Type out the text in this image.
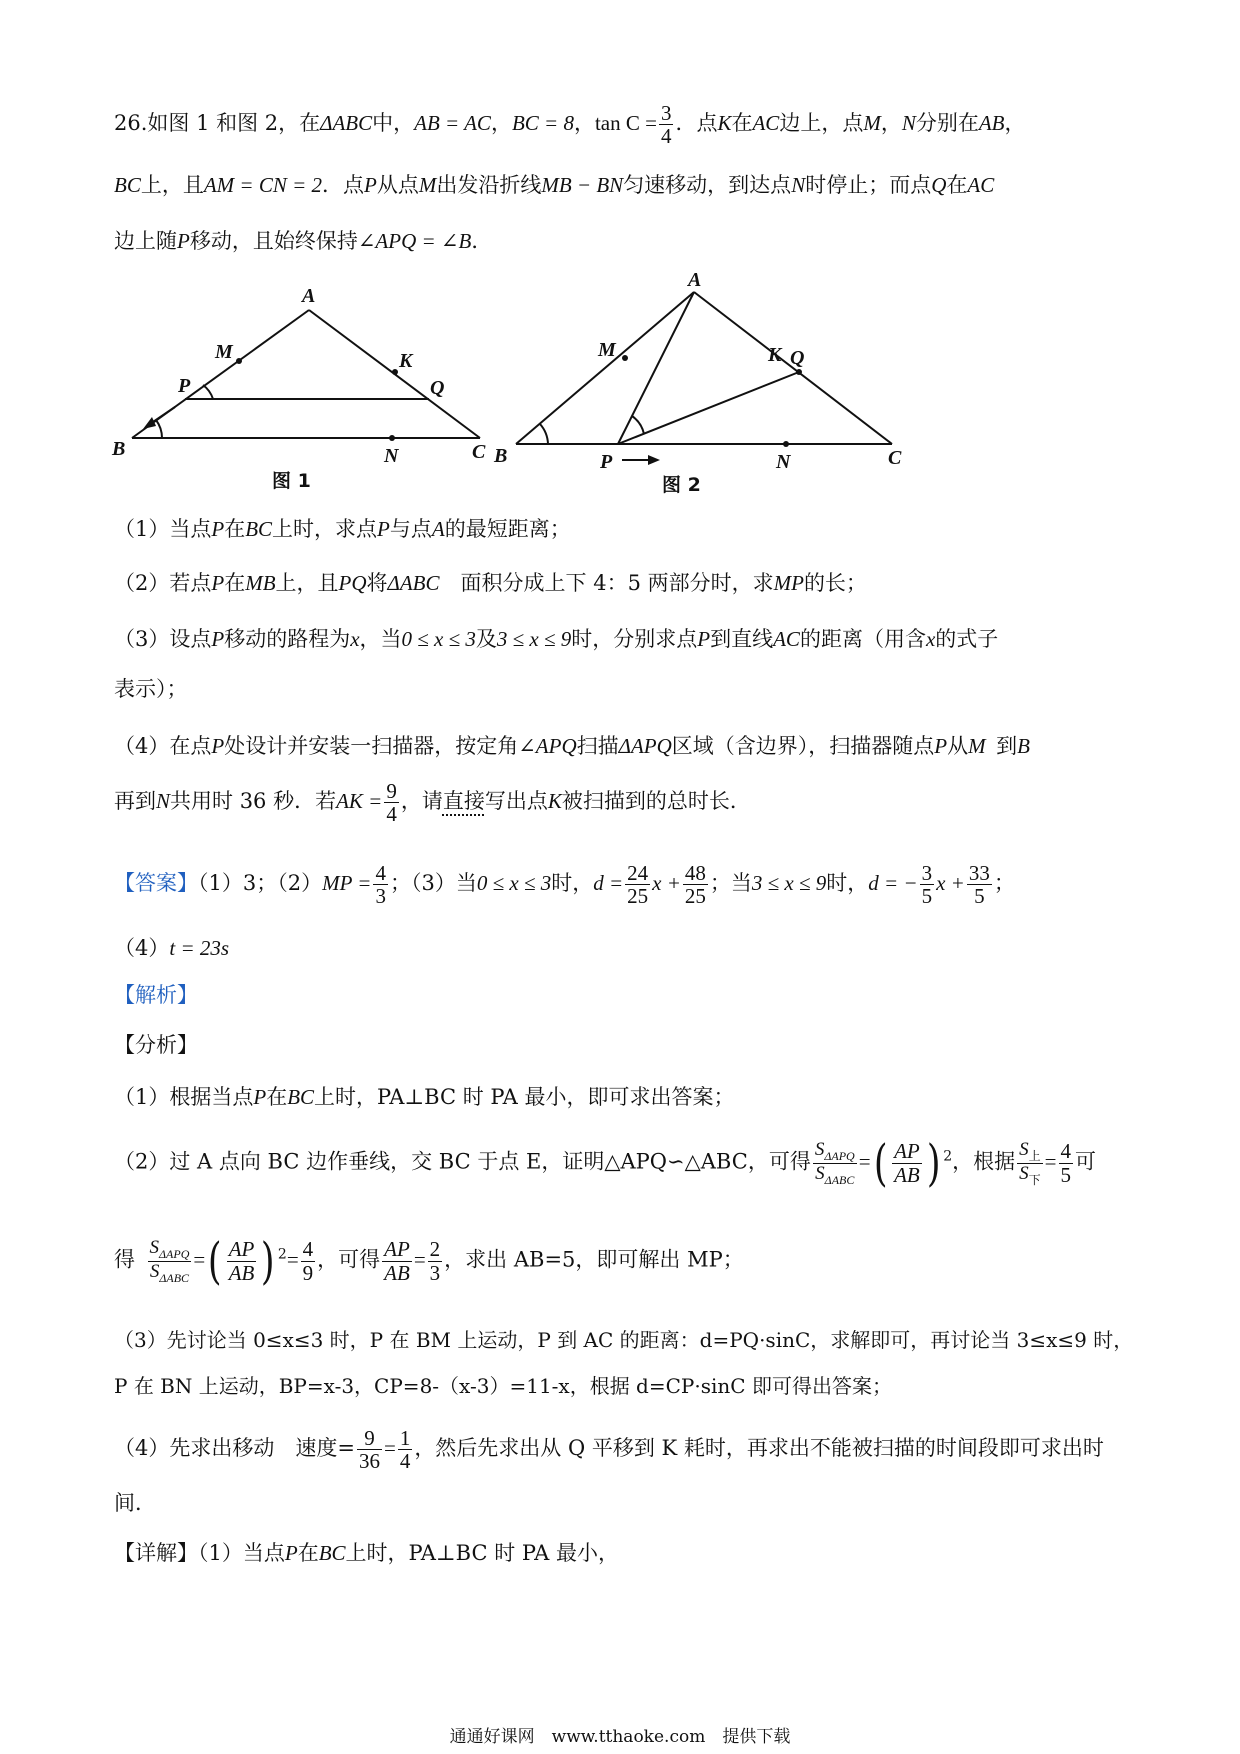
26.如图 1 和图 2，在ΔABC中，AB = AC，BC = 8，$\tan C = \frac{3}{4}$ ．点K在AC边上，点M，N分别在AB，
BC上，且AM = CN = 2．点P从点M出发沿折线MB − BN匀速移动，到达点N时停止；而点Q在AC
边上随P移动，且始终保持∠APQ = ∠B．
A
M	K
P	Q
B	N	C
图 1
A
M	K Q
B	P	N	C
图 2
（1）当点P在BC上时，求点P与点A的最短距离；
（2）若点P在MB上，且PQ将ΔABC  面积分成上下 4：5 两部分时，求MP的长；
（3）设点P移动的路程为x，当0 ≤ x ≤ 3及3 ≤ x ≤ 9时，分别求点P到直线AC的距离（用含x的式子
表示）；
（4）在点P处设计并安装一扫描器，按定角∠APQ扫描ΔAPQ区域（含边界），扫描器随点P从M  到B
再到N共用时 36 秒．若AK = $\frac{9}{4}$ ，请直接写出点K被扫描到的总时长．
【答案】（1）3；$(2)MP = \frac{4}{3}$ ；（3）当0 ≤ x ≤ 3时，$d = \frac{24}{25}$ $x + \frac{48}{25}$ ；当3 ≤ x ≤ 9时，d = − $\frac{3}{5}$ $x + \frac{33}{5}$ ；
（4）t = 23s
【解析】
【分析】
（1）根据当点P在BC上时，PA⊥BC 时 PA 最小，即可求出答案；
（2）过 A 点向 BC 边作垂线，交 BC 于点 E，证明△APQ∽△ABC，可得 $\frac{S_{\Delta APQ}}{S_{\Delta ABC}}$ =( $\frac{AP}{AB}$ ) $^2$，根据 $\frac{S_上}{S_下} = \frac{4}{5}$ 可
得  $\frac{S_{\Delta APQ}}{S_{\Delta ABC}}$ =( $\frac{AP}{AB}$ ) $^2= \frac{4}{9}$ ，可得 $\frac{AP}{AB} = \frac{2}{3}$ ，求出 AB=5，即可解出 MP；
（3）先讨论当 0≤x≤3 时，P 在 BM 上运动，P 到 AC 的距离：d=PQ·sinC，求解即可，再讨论当 3≤x≤9 时，
P 在 BN 上运动，BP=x-3，CP=8-（x-3）=11-x，根据 d=CP·sinC 即可得出答案；
（4）先求出移动　速度= $\frac{9}{36} = \frac{1}{4}$ ，然后先求出从 Q 平移到 K 耗时，再求出不能被扫描的时间段即可求出时
间．
【详解】（1）当点P在BC上时，PA⊥BC 时 PA 最小，
通通好课网　www.tthaoke.com　提供下载
